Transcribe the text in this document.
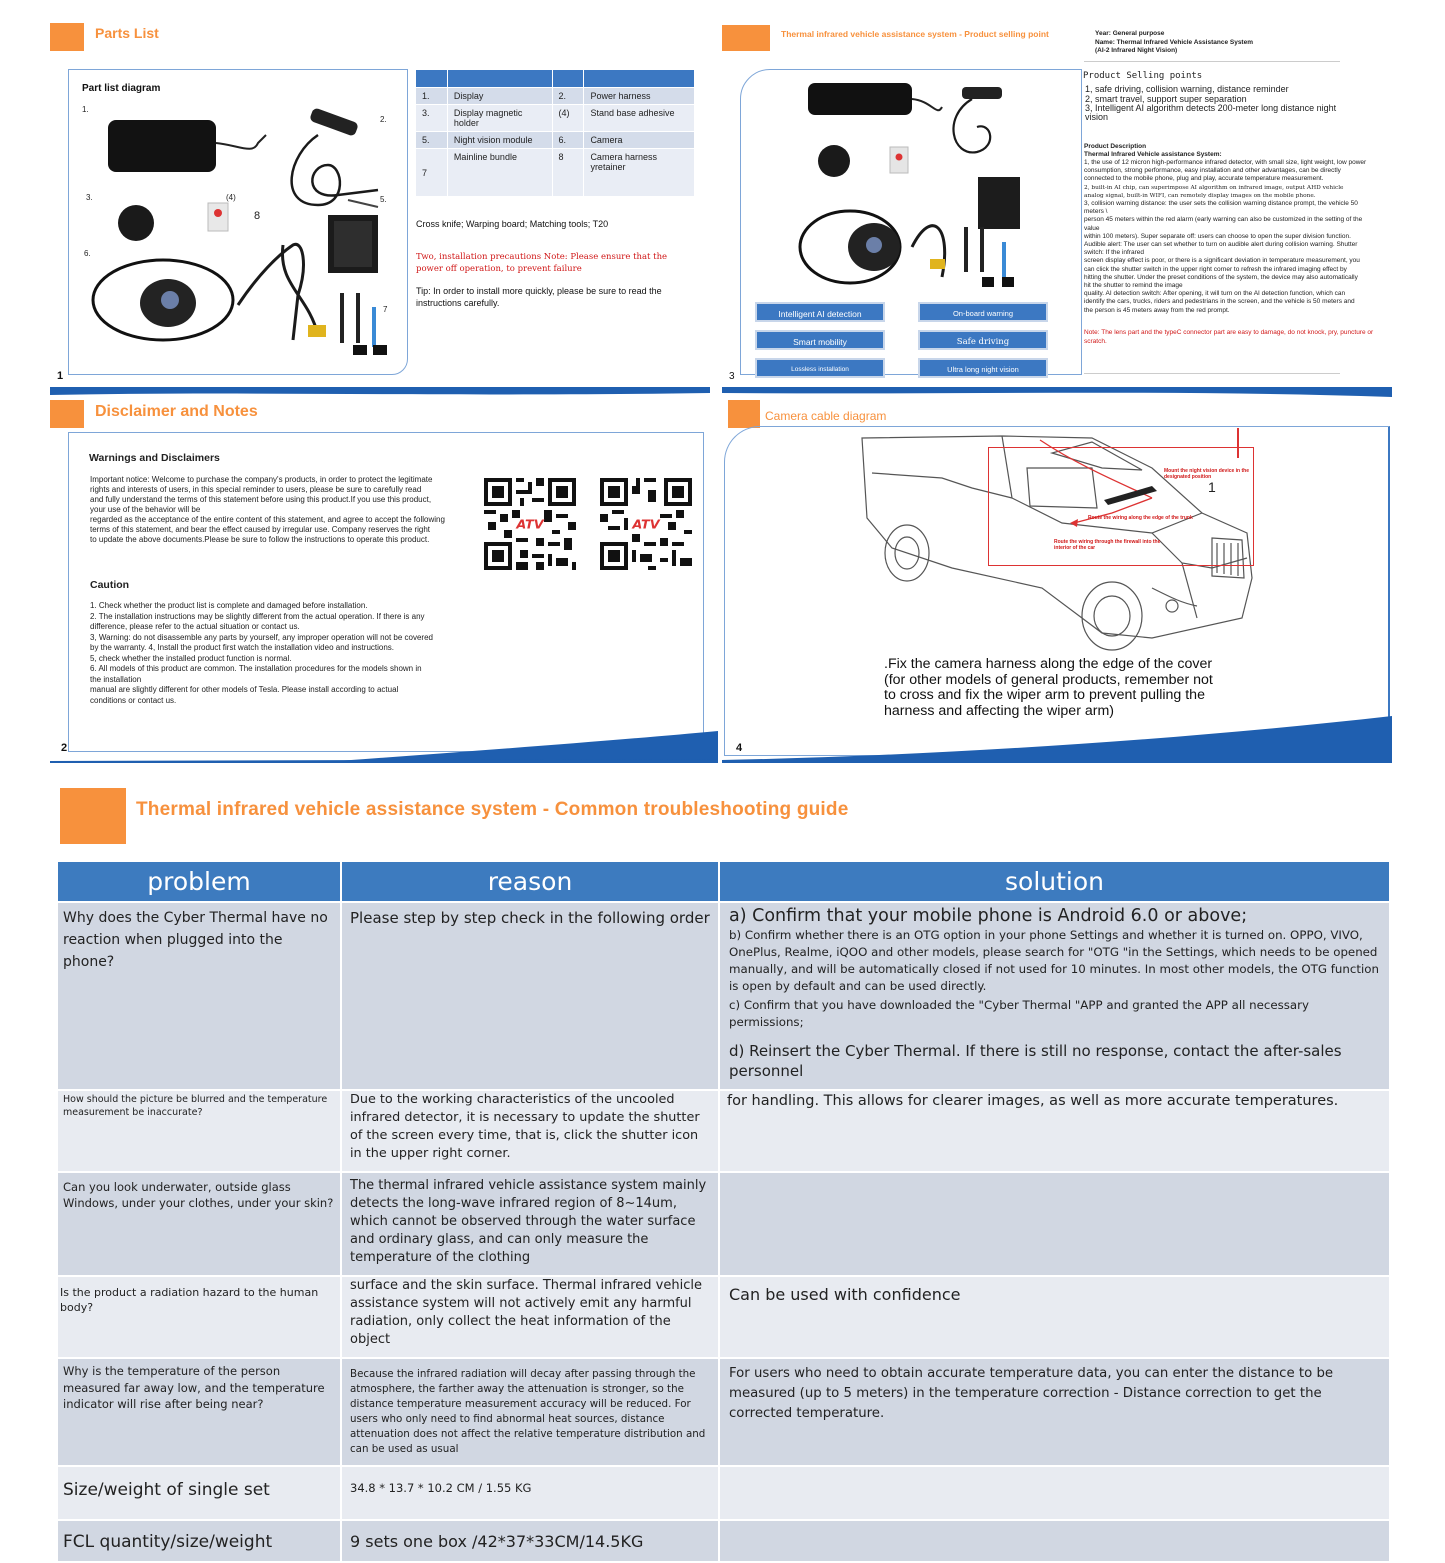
Parts List
Part list diagram
1.
2.
3.	(4)	5.
6.
7
8
1

1.	Display	2.	Power harness
3.	Display magnetic holder	(4)	Stand base adhesive
5.	Night vision module	6.	Camera
7	Mainline bundle	8	Camera harness yretainer
Cross knife; Warping board; Matching tools; T20
Two, installation precautions Note: Please ensure that the power off operation, to prevent failure
Tip: In order to install more quickly, please be sure to read the instructions carefully.
Thermal infrared vehicle assistance system - Product selling point	Year: General purpose
Name: Thermal Infrared Vehicle Assistance System
(AI-2 Infrared Night Vision)
Intelligent AI detection	On-board warning
Smart mobility	Safe driving
Lossless installation	Ultra long night vision
3
Product Selling points
1, safe driving, collision warning, distance reminder
2, smart travel, support super separation
3, Intelligent AI algorithm detects 200-meter long distance night vision
Product Description
Thermal Infrared Vehicle assistance System:
1, the use of 12 micron high-performance infrared detector, with small size, light weight, low power
consumption, strong performance, easy installation and other advantages, can be directly
connected to the mobile phone, plug and play, accurate temperature measurement.
2, built-in AI chip, can superimpose AI algorithm on infrared image, output AHD vehicle
analog signal, built-in WIFI, can remotely display images on the mobile phone.
3, collision warning distance: the user sets the collision warning distance prompt, the vehicle 50
meters \
person 45 meters within the red alarm (early warning can also be customized in the setting of the
value
within 100 meters). Super separate off: users can choose to open the super division function.
Audible alert: The user can set whether to turn on audible alert during collision warning. Shutter
switch: If the infrared
screen display effect is poor, or there is a significant deviation in temperature measurement, you
can click the shutter switch in the upper right corner to refresh the infrared imaging effect by
hitting the shutter. Under the preset conditions of the system, the device may also automatically
hit the shutter to remind the image
quality. AI detection switch: After opening, it will turn on the AI detection function, which can
identify the cars, trucks, riders and pedestrians in the screen, and the vehicle is 50 meters and
the person is 45 meters away from the red prompt.
Note: The lens part and the typeC connector part are easy to damage, do not knock, pry, puncture or scratch.
Disclaimer and Notes
Warnings and Disclaimers
Important notice: Welcome to purchase the company's products, in order to protect the legitimate
rights and interests of users, in this special reminder to users, please be sure to carefully read
and fully understand the terms of this statement before using this product.If you use this product,
your use of the behavior will be
regarded as the acceptance of the entire content of this statement, and agree to accept the following
terms of this statement, and bear the effect caused by irregular use. Company reserves the right
to update the above documents.Please be sure to follow the instructions to operate this product.
ATV	ATV
Caution
1. Check whether the product list is complete and damaged before installation.
2. The installation instructions may be slightly different from the actual operation. If there is any
difference, please refer to the actual situation or contact us.
3, Warning: do not disassemble any parts by yourself, any improper operation will not be covered
by the warranty. 4, Install the product first watch the installation video and instructions.
5, check whether the installed product function is normal.
6. All models of this product are common. The installation procedures for the models shown in
the installation
manual are slightly different for other models of Tesla. Please install according to actual
conditions or contact us.
2
Camera cable diagram
Mount the night vision device in the designated position
Route the wiring along the edge of the trunk
Route the wiring through the firewall into the interior of the car
1
.Fix the camera harness along the edge of the cover
(for other models of general products, remember not
to cross and fix the wiper arm to prevent pulling the
harness and affecting the wiper arm)
4
Thermal infrared vehicle assistance system - Common troubleshooting guide
problem	reason	solution
Why does the Cyber Thermal have no reaction when plugged into the phone?	Please step by step check in the following order	a) Confirm that your mobile phone is Android 6.0 or above;
b) Confirm whether there is an OTG option in your phone Settings and whether it is turned on. OPPO, VIVO, OnePlus, Realme, iQOO and other models, please search for "OTG "in the Settings, which needs to be opened manually, and will be automatically closed if not used for 10 minutes. In most other models, the OTG function is open by default and can be used directly.
c) Confirm that you have downloaded the "Cyber Thermal "APP and granted the APP all necessary permissions;
d) Reinsert the Cyber Thermal. If there is still no response, contact the after-sales personnel

How should the picture be blurred and the temperature measurement be inaccurate?	Due to the working characteristics of the uncooled infrared detector, it is necessary to update the shutter of the screen every time, that is, click the shutter icon in the upper right corner.	for handling. This allows for clearer images, as well as more accurate temperatures.
Can you look underwater, outside glass Windows, under your clothes, under your skin?	The thermal infrared vehicle assistance system mainly detects the long-wave infrared region of 8~14um, which cannot be observed through the water surface and ordinary glass, and can only measure the temperature of the clothing	
Is the product a radiation hazard to the human body?	surface and the skin surface. Thermal infrared vehicle assistance system will not actively emit any harmful radiation, only collect the heat information of the object	Can be used with confidence
Why is the temperature of the person measured far away low, and the temperature indicator will rise after being near?	Because the infrared radiation will decay after passing through the atmosphere, the farther away the attenuation is stronger, so the distance temperature measurement accuracy will be reduced. For users who only need to find abnormal heat sources, distance attenuation does not affect the relative temperature distribution and can be used as usual	For users who need to obtain accurate temperature data, you can enter the distance to be measured (up to 5 meters) in the temperature correction - Distance correction to get the corrected temperature.
Size/weight of single set	34.8 * 13.7 * 10.2 CM / 1.55 KG	
FCL quantity/size/weight	9 sets one box /42*37*33CM/14.5KG	
